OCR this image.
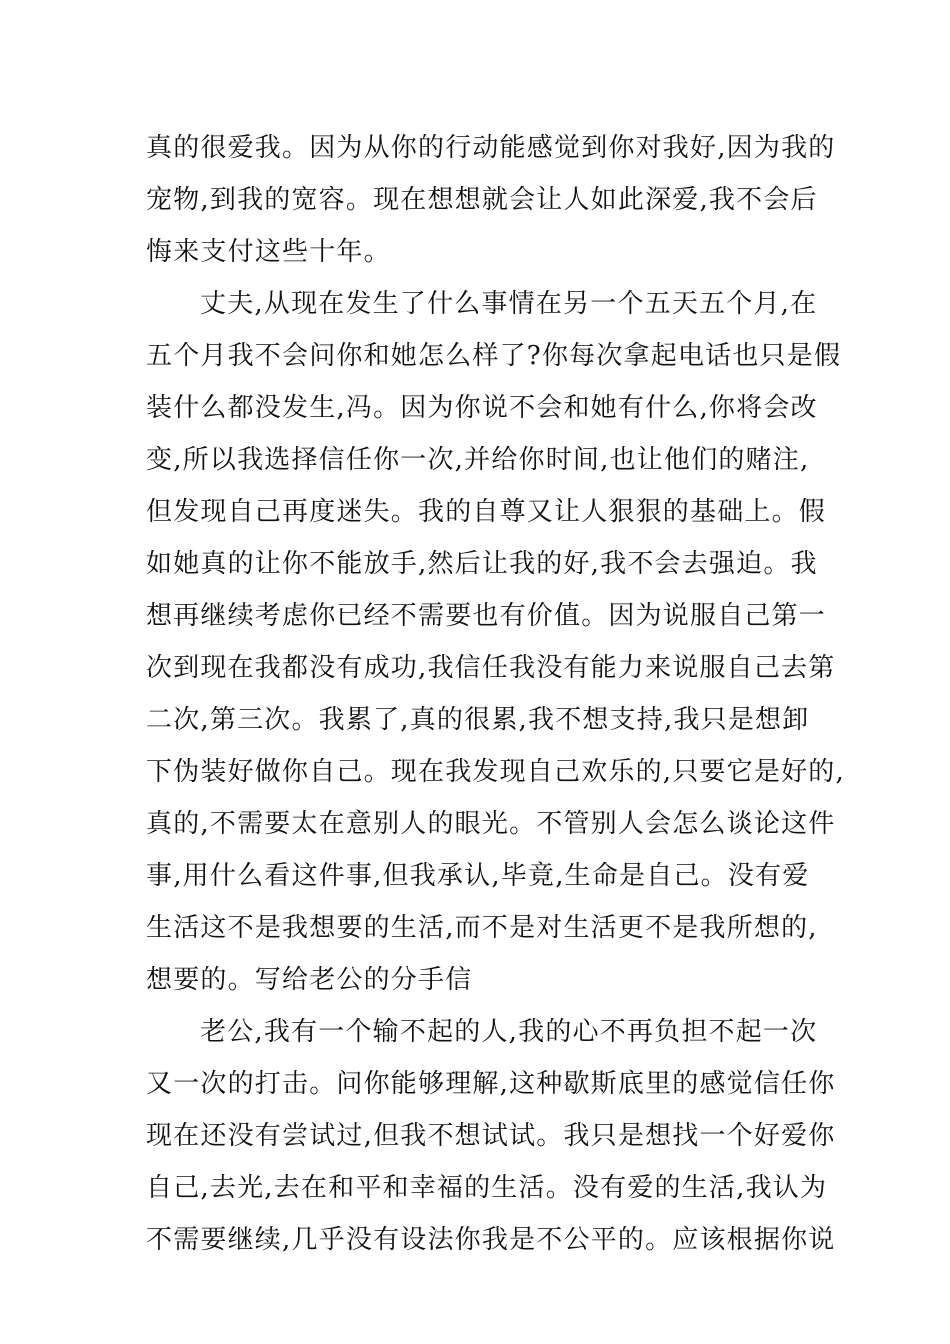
真的很爱我。因为从你的行动能感觉到你对我好,因为我的
宠物,到我的宽容。现在想想就会让人如此深爱,我不会后
悔来支付这些十年。
丈夫,从现在发生了什么事情在另一个五天五个月,在
五个月我不会问你和她怎么样了?你每次拿起电话也只是假
装什么都没发生,冯。因为你说不会和她有什么,你将会改
变,所以我选择信任你一次,并给你时间,也让他们的赌注,
但发现自己再度迷失。我的自尊又让人狠狠的基础上。假
如她真的让你不能放手,然后让我的好,我不会去强迫。我
想再继续考虑你已经不需要也有价值。因为说服自己第一
次到现在我都没有成功,我信任我没有能力来说服自己去第
二次,第三次。我累了,真的很累,我不想支持,我只是想卸
下伪装好做你自己。现在我发现自己欢乐的,只要它是好的,
真的,不需要太在意别人的眼光。不管别人会怎么谈论这件
事,用什么看这件事,但我承认,毕竟,生命是自己。没有爱
生活这不是我想要的生活,而不是对生活更不是我所想的,
想要的。写给老公的分手信
老公,我有一个输不起的人,我的心不再负担不起一次
又一次的打击。问你能够理解,这种歇斯底里的感觉信任你
现在还没有尝试过,但我不想试试。我只是想找一个好爱你
自己,去光,去在和平和幸福的生活。没有爱的生活,我认为
不需要继续,几乎没有设法你我是不公平的。应该根据你说
